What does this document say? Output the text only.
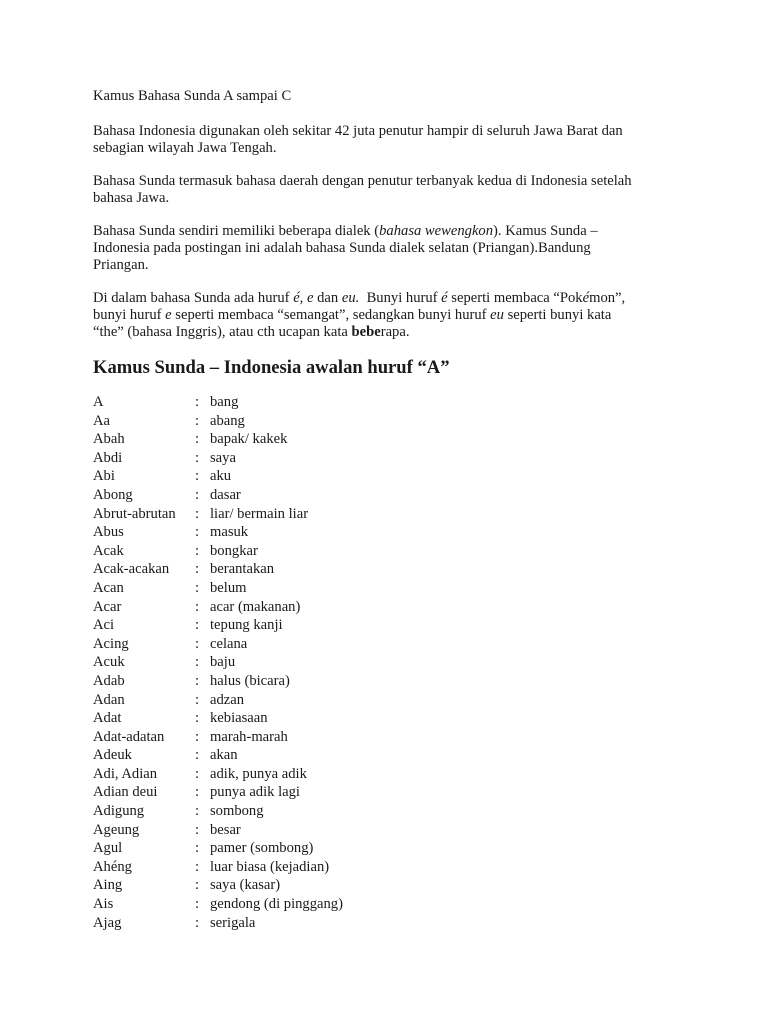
Kamus Bahasa Sunda A sampai C

Bahasa Indonesia digunakan oleh sekitar 42 juta penutur hampir di seluruh Jawa Barat dan
sebagian wilayah Jawa Tengah.

Bahasa Sunda termasuk bahasa daerah dengan penutur terbanyak kedua di Indonesia setelah
bahasa Jawa.

Bahasa Sunda sendiri memiliki beberapa dialek (bahasa wewengkon). Kamus Sunda –
Indonesia pada postingan ini adalah bahasa Sunda dialek selatan (Priangan).Bandung
Priangan.

Di dalam bahasa Sunda ada huruf é, e dan eu.  Bunyi huruf é seperti membaca “Pokémon”,
bunyi huruf e seperti membaca “semangat”, sedangkan bunyi huruf eu seperti bunyi kata
“the” (bahasa Inggris), atau cth ucapan kata beberapa.

Kamus Sunda – Indonesia awalan huruf “A”
A	: bang
Aa	: abang
Abah	: bapak/ kakek
Abdi	: saya
Abi	: aku
Abong	: dasar
Abrut-abrutan : liar/ bermain liar
Abus	: masuk
Acak	: bongkar
Acak-acakan : berantakan
Acan	: belum
Acar	: acar (makanan)
Aci	: tepung kanji
Acing	: celana
Acuk	: baju
Adab	: halus (bicara)
Adan	: adzan
Adat	: kebiasaan
Adat-adatan : marah-marah
Adeuk	: akan
Adi, Adian	: adik, punya adik
Adian deui	: punya adik lagi
Adigung	: sombong
Ageung	: besar
Agul	: pamer (sombong)
Ahéng	: luar biasa (kejadian)
Aing	: saya (kasar)
Ais	: gendong (di pinggang)
Ajag	: serigala
